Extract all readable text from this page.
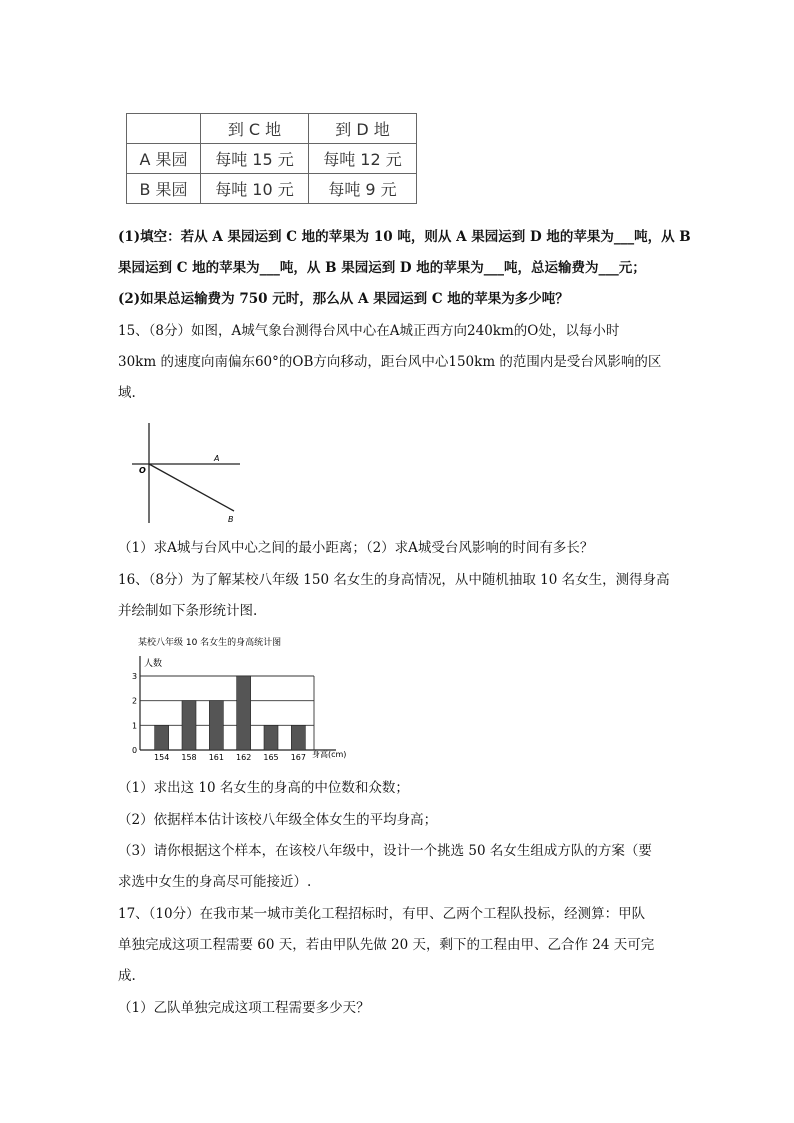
	到 C 地	到 D 地
A 果园	每吨 15 元	每吨 12 元
B 果园	每吨 10 元	每吨 9 元
(1)填空：若从 A 果园运到 C 地的苹果为 10 吨，则从 A 果园运到 D 地的苹果为___吨，从 B
果园运到 C 地的苹果为___吨，从 B 果园运到 D 地的苹果为___吨，总运输费为___元；
(2)如果总运输费为 750 元时，那么从 A 果园运到 C 地的苹果为多少吨？
15、（8分）如图，A城气象台测得台风中心在A城正西方向240km的O处，以每小时
30km 的速度向南偏东60°的OB方向移动，距台风中心150km 的范围内是受台风影响的区
域.
O
A
B
（1）求A城与台风中心之间的最小距离；（2）求A城受台风影响的时间有多长？
16、（8分）为了解某校八年级 150 名女生的身高情况，从中随机抽取 10 名女生，测得身高
并绘制如下条形统计图.
某校八年级 10 名女生的身高统计图
人数
身高(cm)
0
1
2
3
154 158 161 162 165 167
（1）求出这 10 名女生的身高的中位数和众数；
（2）依据样本估计该校八年级全体女生的平均身高；
（3）请你根据这个样本，在该校八年级中，设计一个挑选 50 名女生组成方队的方案（要
求选中女生的身高尽可能接近）.
17、（10分）在我市某一城市美化工程招标时，有甲、乙两个工程队投标，经测算：甲队
单独完成这项工程需要 60 天，若由甲队先做 20 天，剩下的工程由甲、乙合作 24 天可完
成.
（1）乙队单独完成这项工程需要多少天？
